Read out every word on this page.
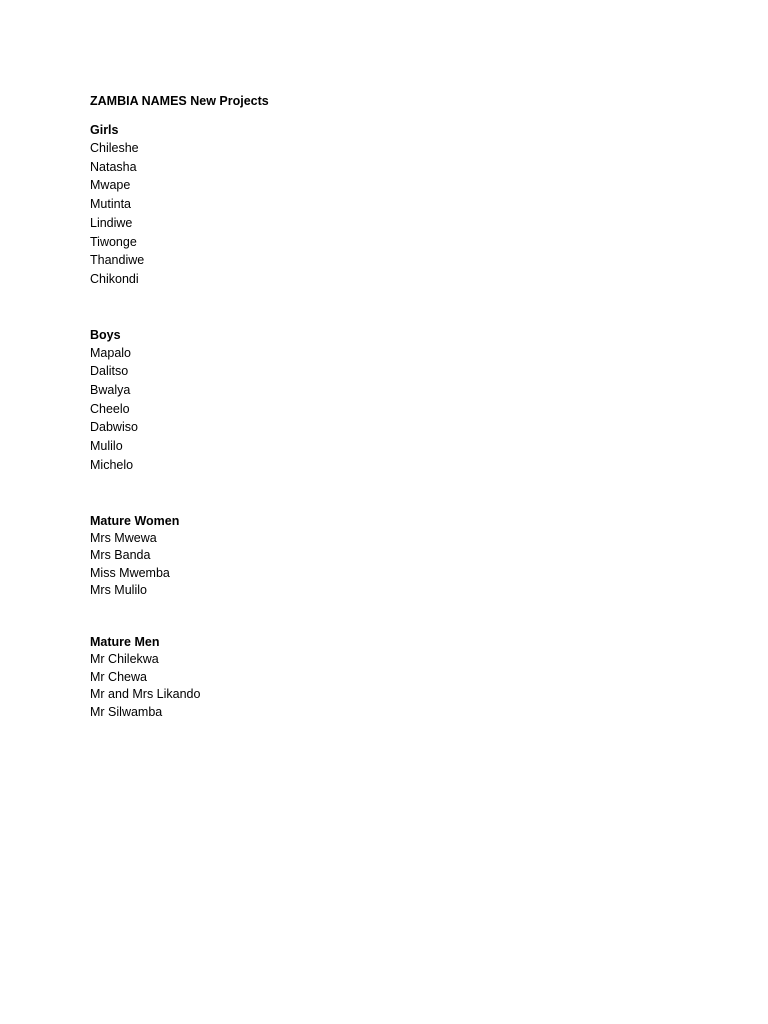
ZAMBIA NAMES New Projects

Girls

Chileshe
Natasha
Mwape
Mutinta
Lindiwe
Tiwonge
Thandiwe
Chikondi

Boys

Mapalo
Dalitso
Bwalya
Cheelo
Dabwiso
Mulilo
Michelo

Mature Women

Mrs Mwewa
Mrs Banda
Miss Mwemba
Mrs Mulilo

Mature Men

Mr Chilekwa
Mr Chewa
Mr and Mrs Likando
Mr Silwamba
